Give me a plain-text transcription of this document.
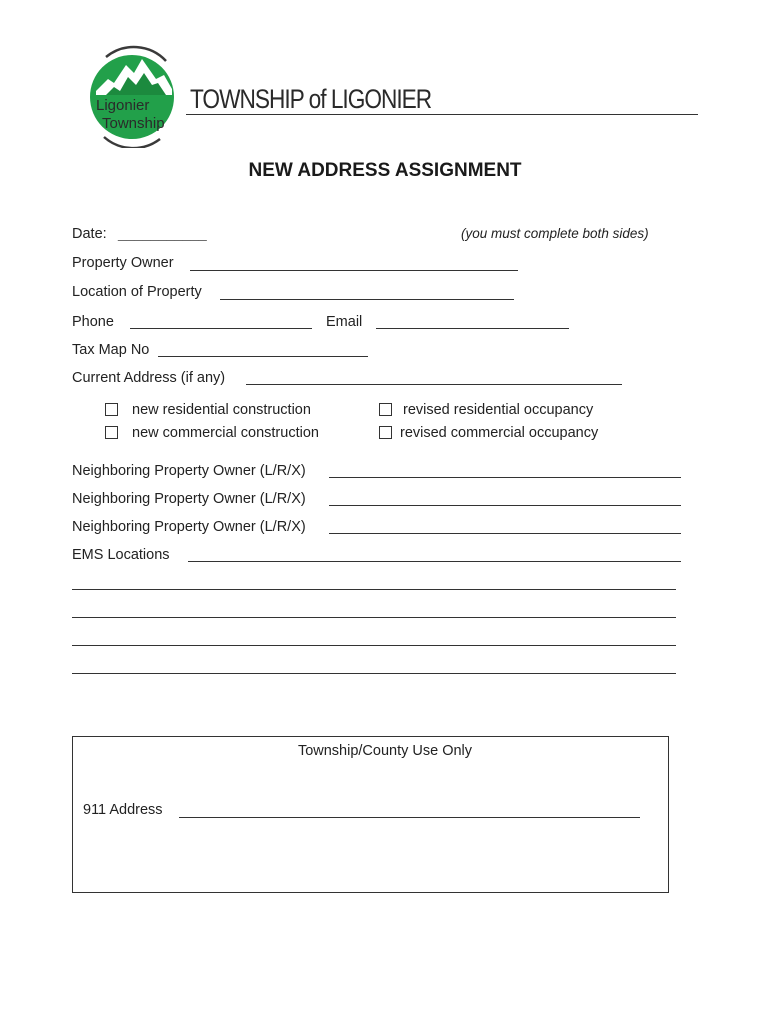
Ligonier
Township
TOWNSHIP of LIGONIER
NEW ADDRESS ASSIGNMENT
Date: ___________	(you must complete both sides)
Property Owner
Location of Property
Phone	Email
Tax Map No
Current Address (if any)
new residential construction
new commercial construction
revised residential occupancy
revised commercial occupancy
Neighboring Property Owner (L/R/X)
Neighboring Property Owner (L/R/X)
Neighboring Property Owner (L/R/X)
EMS Locations
Township/County Use Only
911 Address
